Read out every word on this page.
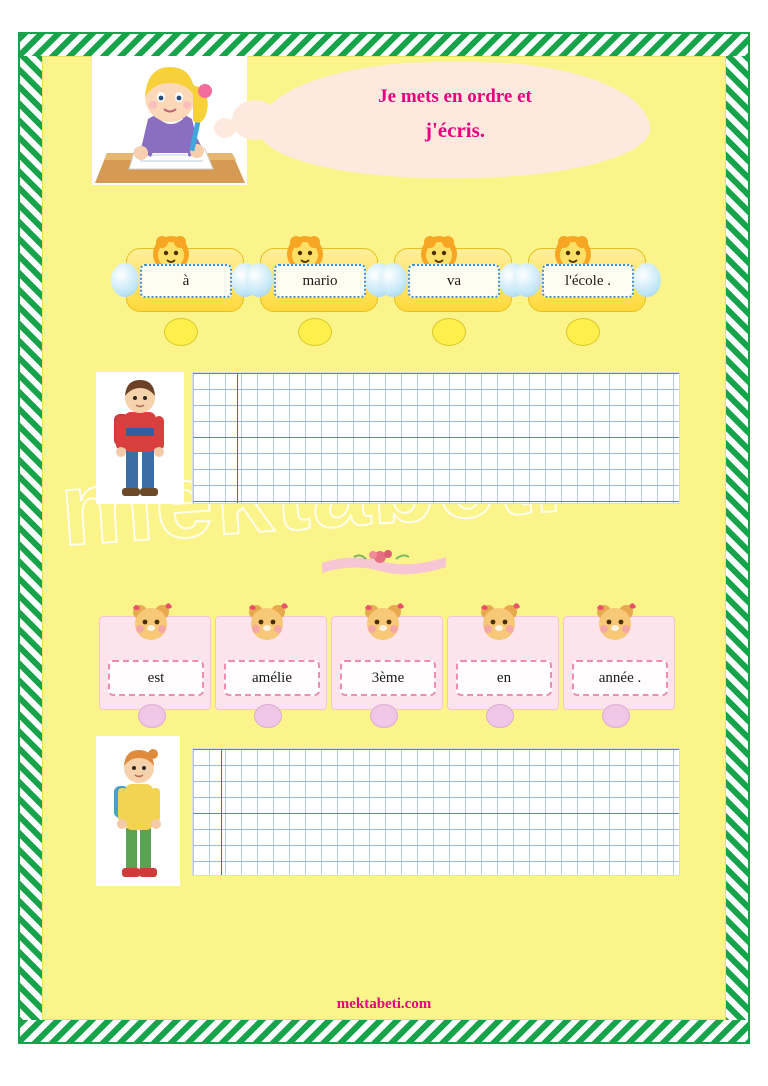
Je mets en ordre et
j'écris.
à	mario	va	l'école .
est	amélie	3ème	en	année .
mektabeti.com
